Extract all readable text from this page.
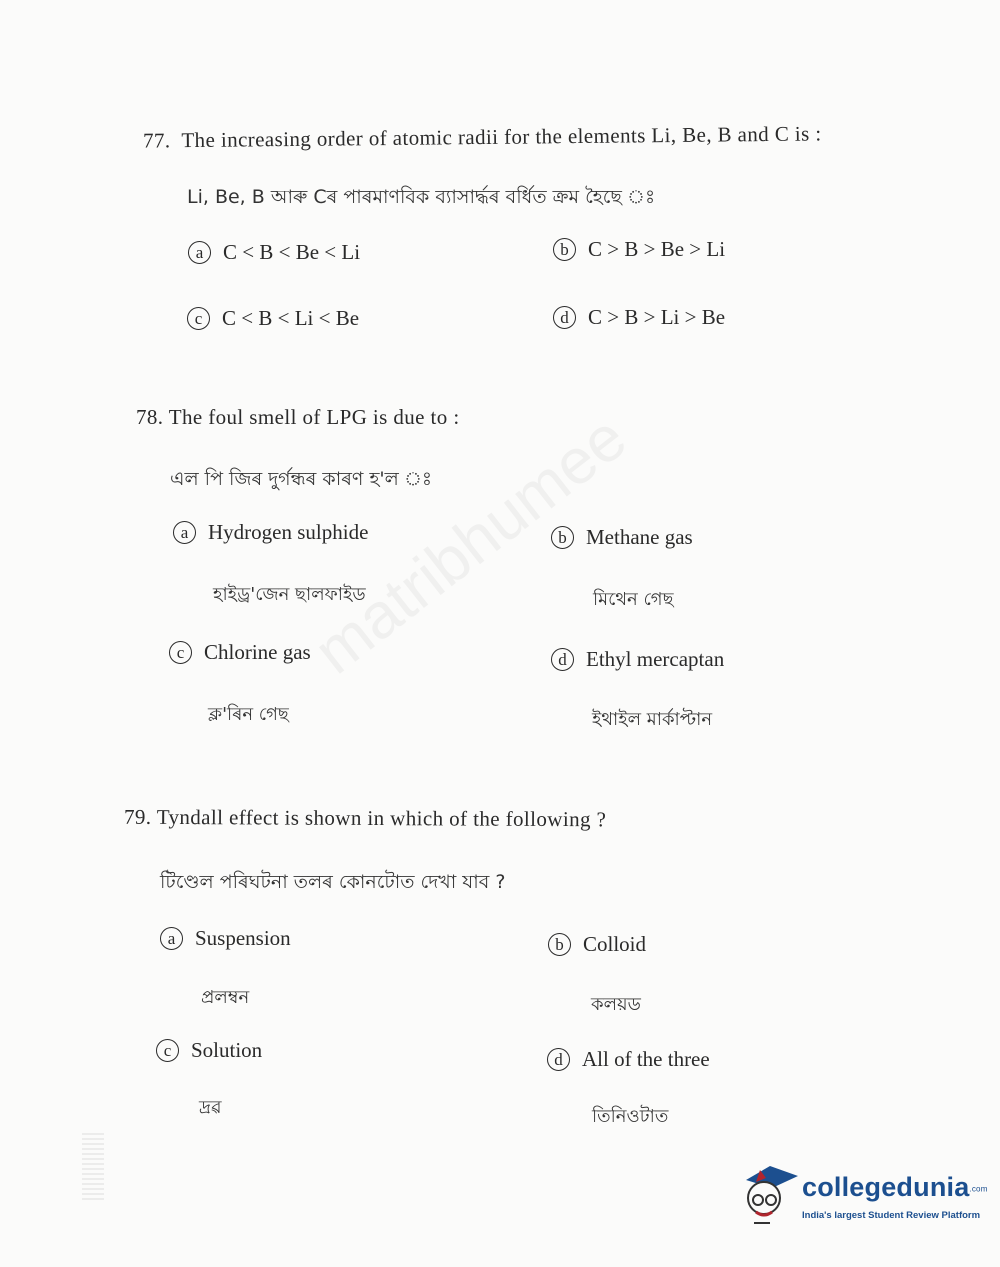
77. The increasing order of atomic radii for the elements Li, Be, B and C is :
Li, Be, B আৰু Cৰ পাৰমাণবিক ব্যাসাৰ্দ্ধৰ বৰ্ধিত ক্ৰম হৈছে ঃ
a C < B < Be < Li	b C > B > Be > Li
c C < B < Li < Be	d C > B > Li > Be
78. The foul smell of LPG is due to :
এল পি জিৰ দুৰ্গন্ধৰ কাৰণ হ'ল ঃ
a Hydrogen sulphide
হাইড্ৰ'জেন ছালফাইড
b Methane gas
মিথেন গেছ
c Chlorine gas
ক্ল'ৰিন গেছ
d Ethyl mercaptan
ইথাইল মাৰ্কাপ্টান
79. Tyndall effect is shown in which of the following ?
টিণ্ডেল পৰিঘটনা তলৰ কোনটোত দেখা যাব ?
a Suspension
প্ৰলম্বন
b Colloid
কলয়ড
c Solution
দ্ৰৱ
d All of the three
তিনিওটাত
collegedunia.com
India's largest Student Review Platform
